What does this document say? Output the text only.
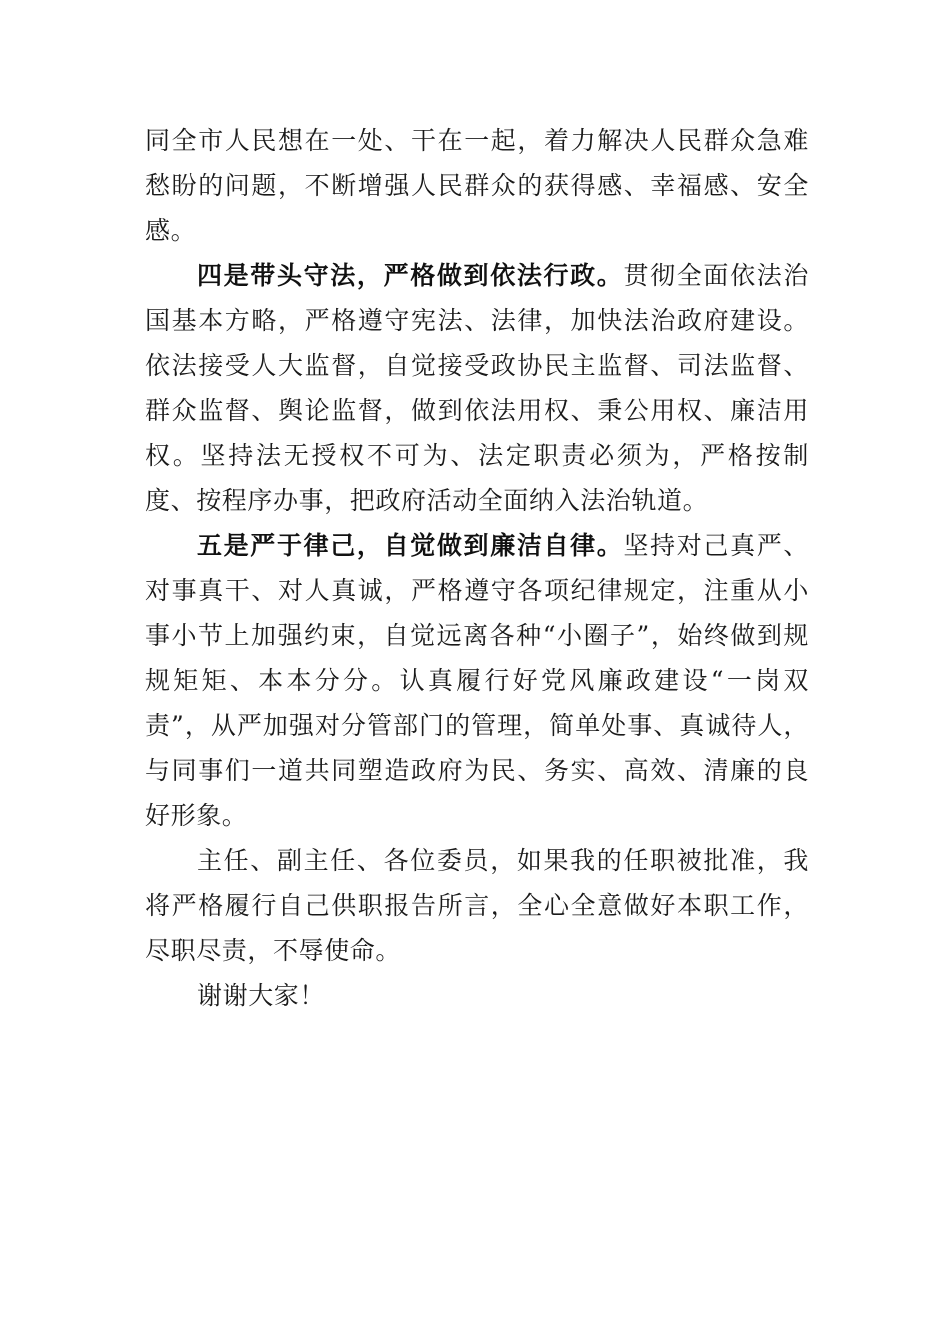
同全市人民想在一处、干在一起，着力解决人民群众急难愁盼的问题，不断增强人民群众的获得感、幸福感、安全感。

四是带头守法，严格做到依法行政。贯彻全面依法治国基本方略，严格遵守宪法、法律，加快法治政府建设。依法接受人大监督，自觉接受政协民主监督、司法监督、群众监督、舆论监督，做到依法用权、秉公用权、廉洁用权。坚持法无授权不可为、法定职责必须为，严格按制度、按程序办事，把政府活动全面纳入法治轨道。

五是严于律己，自觉做到廉洁自律。坚持对己真严、对事真干、对人真诚，严格遵守各项纪律规定，注重从小事小节上加强约束，自觉远离各种“小圈子”，始终做到规规矩矩、本本分分。认真履行好党风廉政建设“一岗双责”，从严加强对分管部门的管理，简单处事、真诚待人，与同事们一道共同塑造政府为民、务实、高效、清廉的良好形象。

主任、副主任、各位委员，如果我的任职被批准，我将严格履行自己供职报告所言，全心全意做好本职工作，尽职尽责，不辱使命。

谢谢大家！
